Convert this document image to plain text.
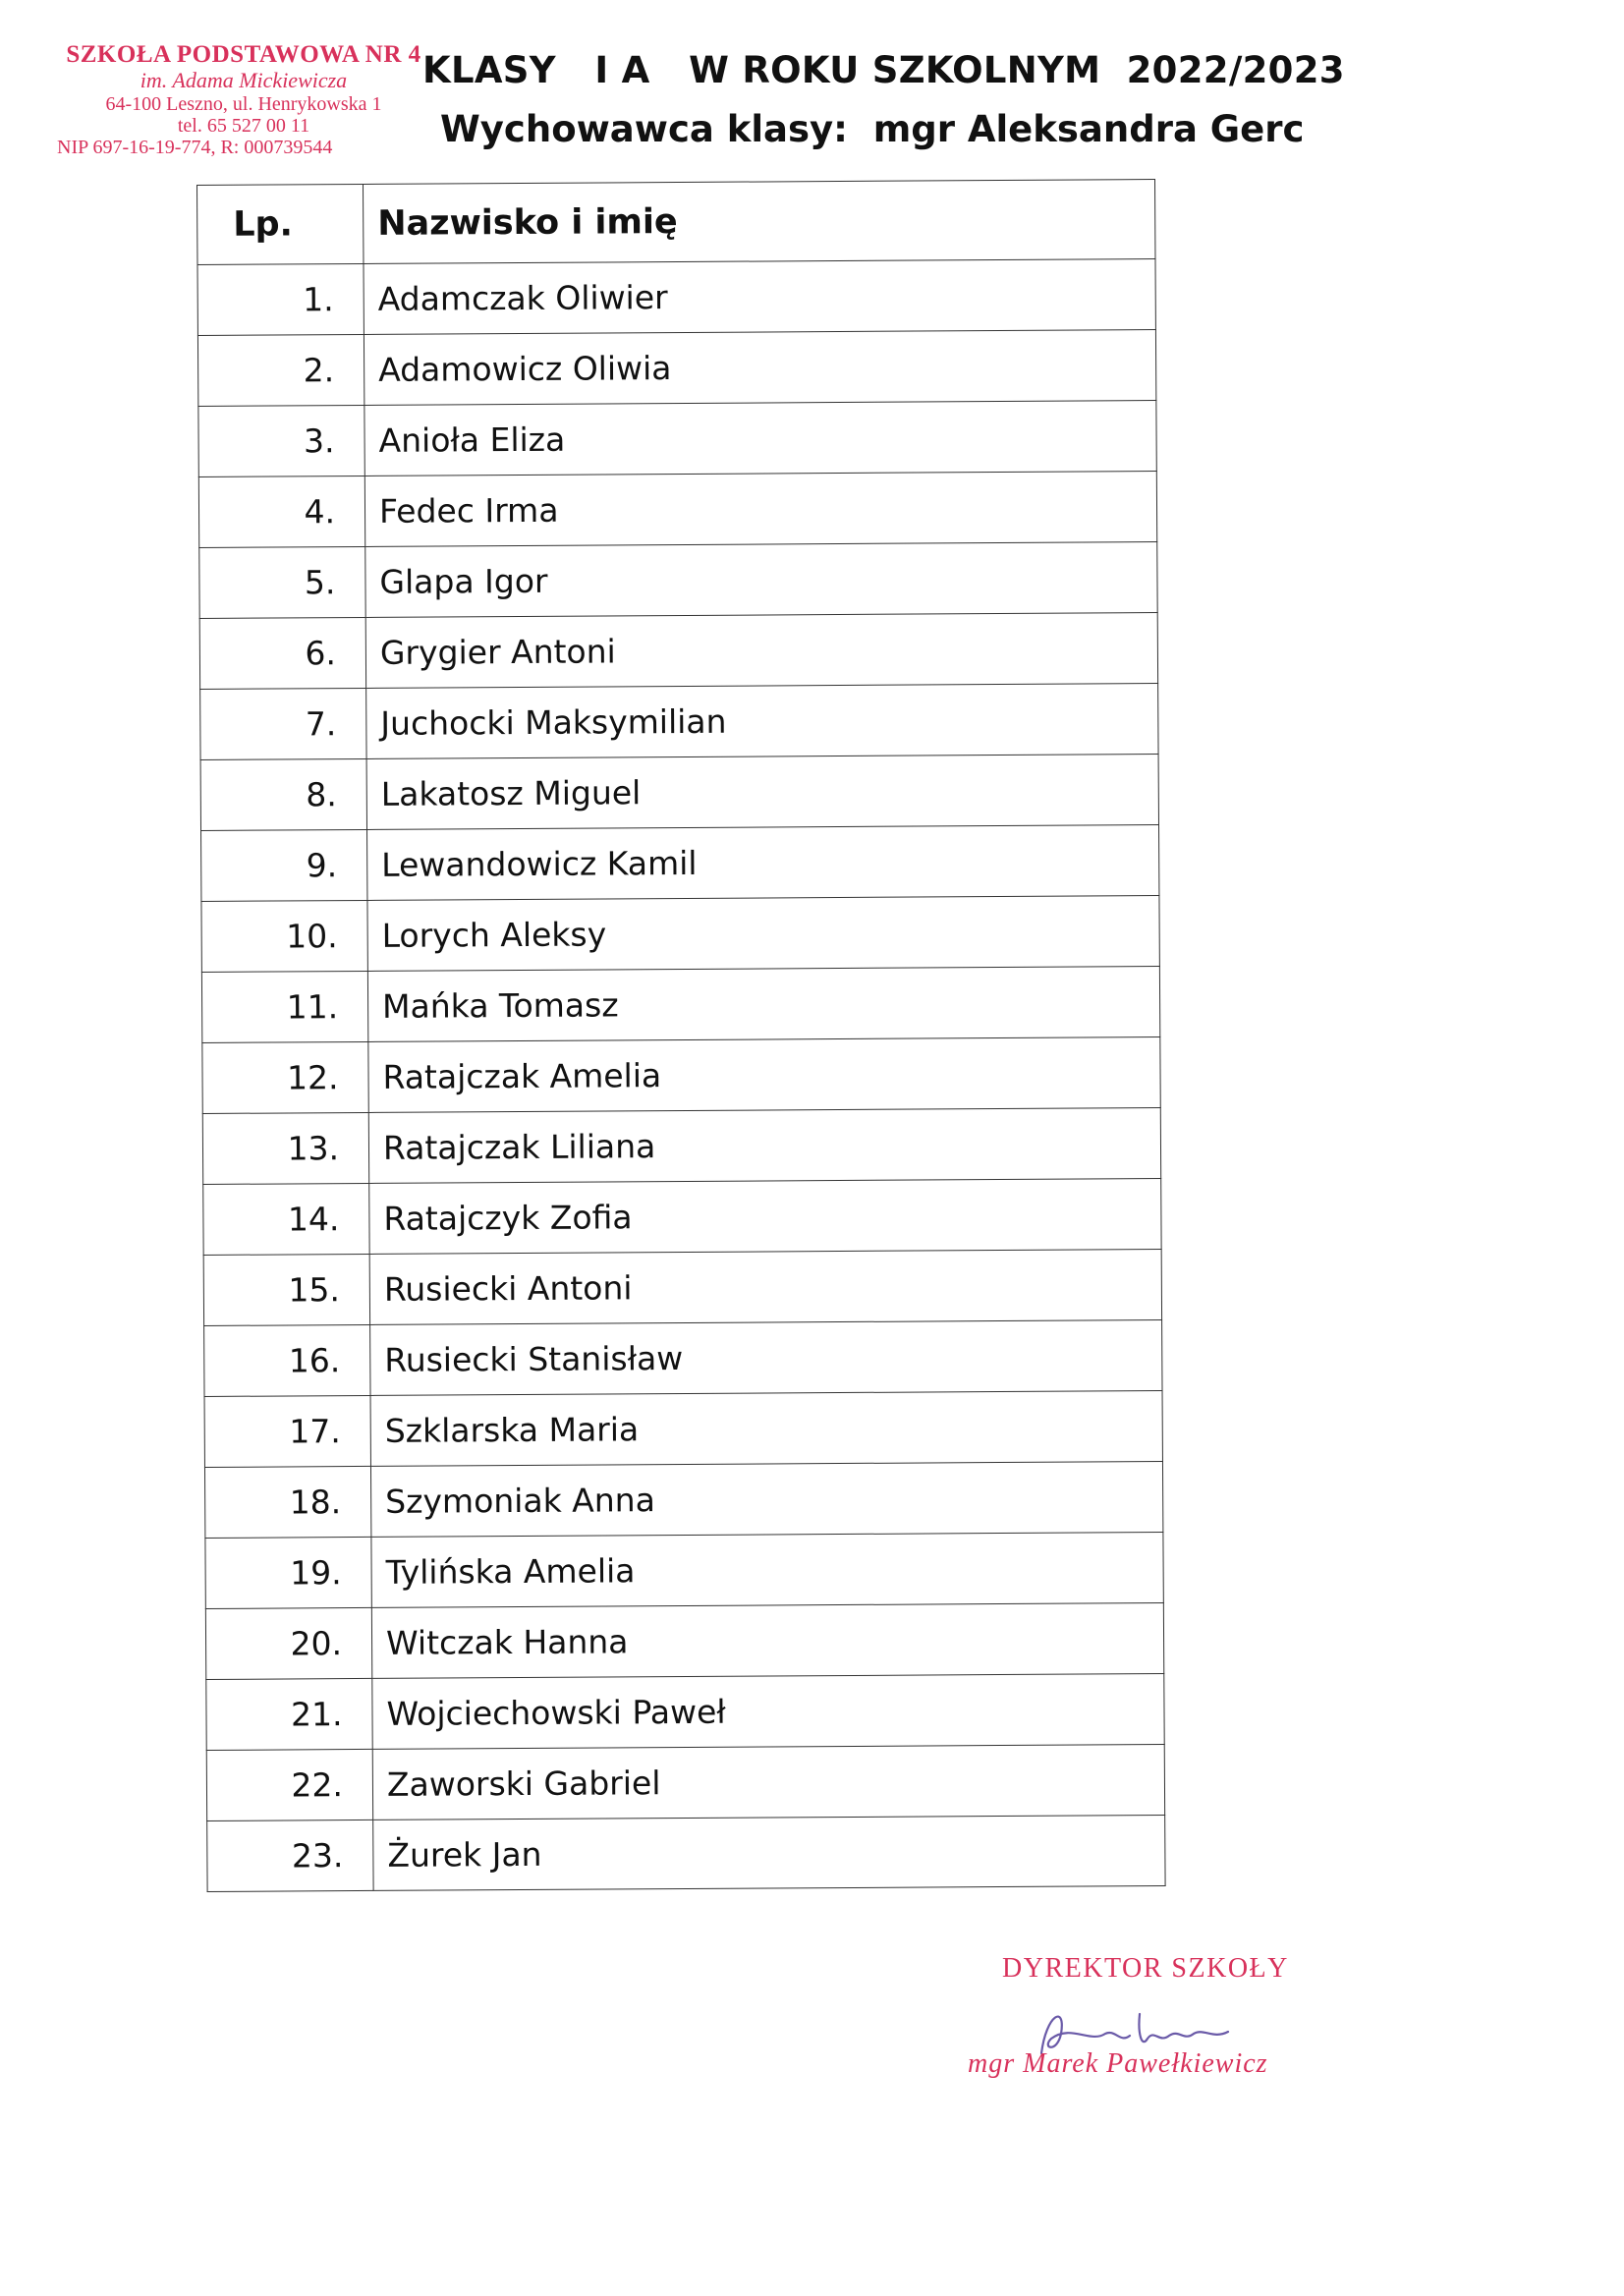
SZKOŁA PODSTAWOWA NR 4
im. Adama Mickiewicza
64-100 Leszno, ul. Henrykowska 1
tel. 65 527 00 11
NIP 697-16-19-774, R: 000739544
KLASY   I A   W ROKU SZKOLNYM  2022/2023
Wychowawca klasy:  mgr Aleksandra Gerc
Lp.	Nazwisko i imię
1.	Adamczak Oliwier
2.	Adamowicz Oliwia
3.	Anioła Eliza
4.	Fedec Irma
5.	Glapa Igor
6.	Grygier Antoni
7.	Juchocki Maksymilian
8.	Lakatosz Miguel
9.	Lewandowicz Kamil
10.	Lorych Aleksy
11.	Mańka Tomasz
12.	Ratajczak Amelia
13.	Ratajczak Liliana
14.	Ratajczyk Zofia
15.	Rusiecki Antoni
16.	Rusiecki Stanisław
17.	Szklarska Maria
18.	Szymoniak Anna
19.	Tylińska Amelia
20.	Witczak Hanna
21.	Wojciechowski Paweł
22.	Zaworski Gabriel
23.	Żurek Jan
DYREKTOR SZKOŁY
mgr Marek Pawełkiewicz
